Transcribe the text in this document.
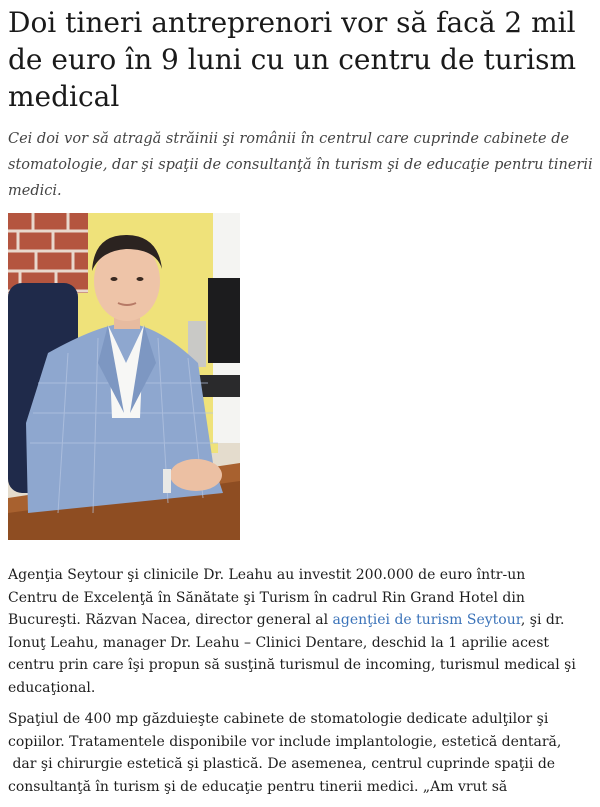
Doi tineri antreprenori vor să facă 2 mil
de euro în 9 luni cu un centru de turism
medical

Cei doi vor să atragă străinii şi românii în centrul care cuprinde cabinete de
stomatologie, dar şi spaţii de consultanţă în turism şi de educaţie pentru tinerii
medici.

Agenţia Seytour şi clinicile Dr. Leahu au investit 200.000 de euro într-un
Centru de Excelenţă în Sănătate şi Turism în cadrul Rin Grand Hotel din
Bucureşti. Răzvan Nacea, director general al agenţiei de turism Seytour, şi dr.
Ionuţ Leahu, manager Dr. Leahu – Clinici Dentare, deschid la 1 aprilie acest
centru prin care îşi propun să susţină turismul de incoming, turismul medical şi
educaţional.

Spaţiul de 400 mp găzduieşte cabinete de stomatologie dedicate adulţilor şi
copiilor. Tratamentele disponibile vor include implantologie, estetică dentară,
dar şi chirurgie estetică şi plastică. De asemenea, centrul cuprinde spaţii de
consultanţă în turism şi de educaţie pentru tinerii medici. „Am vrut să
